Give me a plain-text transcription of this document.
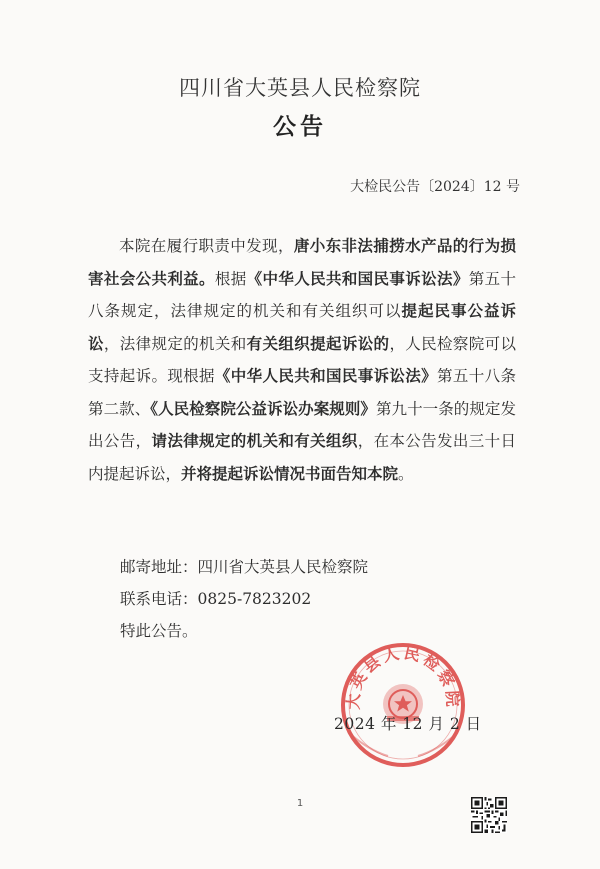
四川省大英县人民检察院
公告
大检民公告〔2024〕12 号

本院在履行职责中发现，唐小东非法捕捞水产品的行为损害社会公共利益。根据《中华人民共和国民事诉讼法》第五十八条规定，法律规定的机关和有关组织可以提起民事公益诉讼，法律规定的机关和有关组织提起诉讼的，人民检察院可以支持起诉。现根据《中华人民共和国民事诉讼法》第五十八条第二款、《人民检察院公益诉讼办案规则》第九十一条的规定发出公告，请法律规定的机关和有关组织，在本公告发出三十日内提起诉讼，并将提起诉讼情况书面告知本院。

邮寄地址：四川省大英县人民检察院
联系电话：0825-7823202
特此公告。
大英县人民检察院
2024 年 12 月 2 日
1
